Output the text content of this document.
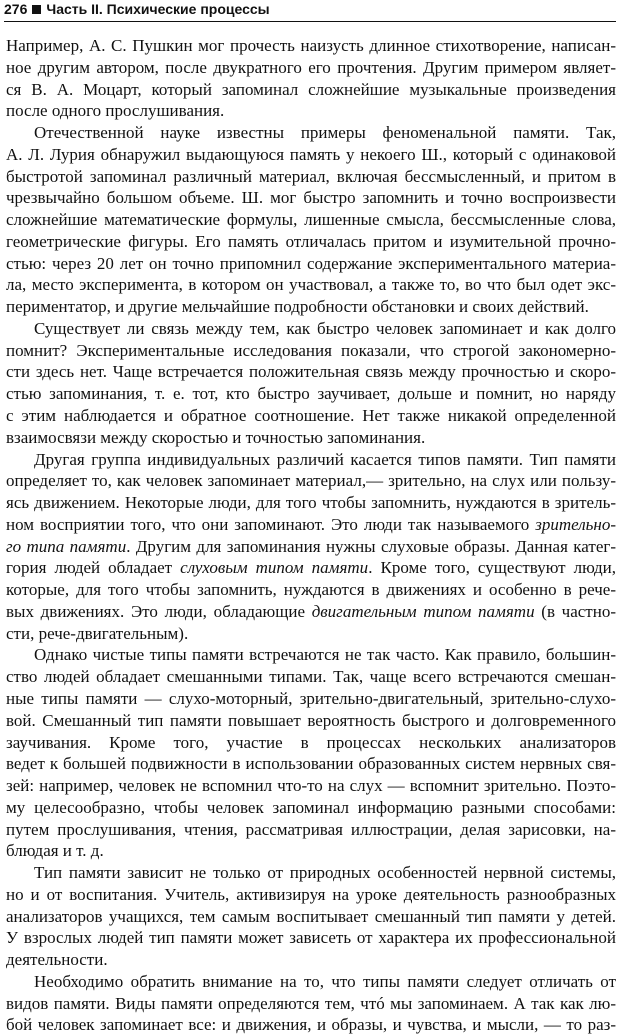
276 Часть II. Психические процессы
Например, А. С. Пушкин мог прочесть наизусть длинное стихотворение, написан-
ное другим автором, после двукратного его прочтения. Другим примером являет-
ся В. А. Моцарт, который запоминал сложнейшие музыкальные произведения
после одного прослушивания.
Отечественной науке известны примеры феноменальной памяти. Так,
А. Л. Лурия обнаружил выдающуюся память у некоего Ш., который с одинаковой
быстротой запоминал различный материал, включая бессмысленный, и притом в
чрезвычайно большом объеме. Ш. мог быстро запомнить и точно воспроизвести
сложнейшие математические формулы, лишенные смысла, бессмысленные слова,
геометрические фигуры. Его память отличалась притом и изумительной прочно-
стью: через 20 лет он точно припомнил содержание экспериментального материа-
ла, место эксперимента, в котором он участвовал, а также то, во что был одет экс-
периментатор, и другие мельчайшие подробности обстановки и своих действий.
Существует ли связь между тем, как быстро человек запоминает и как долго
помнит? Экспериментальные исследования показали, что строгой закономерно-
сти здесь нет. Чаще встречается положительная связь между прочностью и скоро-
стью запоминания, т. е. тот, кто быстро заучивает, дольше и помнит, но наряду
с этим наблюдается и обратное соотношение. Нет также никакой определенной
взаимосвязи между скоростью и точностью запоминания.
Другая группа индивидуальных различий касается типов памяти. Тип памяти
определяет то, как человек запоминает материал,— зрительно, на слух или пользу-
ясь движением. Некоторые люди, для того чтобы запомнить, нуждаются в зритель-
ном восприятии того, что они запоминают. Это люди так называемого зрительно-
го типа памяти. Другим для запоминания нужны слуховые образы. Данная катег-
гория людей обладает слуховым типом памяти. Кроме того, существуют люди,
которые, для того чтобы запомнить, нуждаются в движениях и особенно в рече-
вых движениях. Это люди, обладающие двигательным типом памяти (в частно-
сти, рече-двигательным).
Однако чистые типы памяти встречаются не так часто. Как правило, большин-
ство людей обладает смешанными типами. Так, чаще всего встречаются смешан-
ные типы памяти — слухо-моторный, зрительно-двигательный, зрительно-слухо-
вой. Смешанный тип памяти повышает вероятность быстрого и долговременного
заучивания. Кроме того, участие в процессах нескольких анализаторов
ведет к большей подвижности в использовании образованных систем нервных свя-
зей: например, человек не вспомнил что-то на слух — вспомнит зрительно. Поэто-
му целесообразно, чтобы человек запоминал информацию разными способами:
путем прослушивания, чтения, рассматривая иллюстрации, делая зарисовки, на-
блюдая и т. д.
Тип памяти зависит не только от природных особенностей нервной системы,
но и от воспитания. Учитель, активизируя на уроке деятельность разнообразных
анализаторов учащихся, тем самым воспитывает смешанный тип памяти у детей.
У взрослых людей тип памяти может зависеть от характера их профессиональной
деятельности.
Необходимо обратить внимание на то, что типы памяти следует отличать от
видов памяти. Виды памяти определяются тем, чтó мы запоминаем. А так как лю-
бой человек запоминает все: и движения, и образы, и чувства, и мысли, — то раз-
